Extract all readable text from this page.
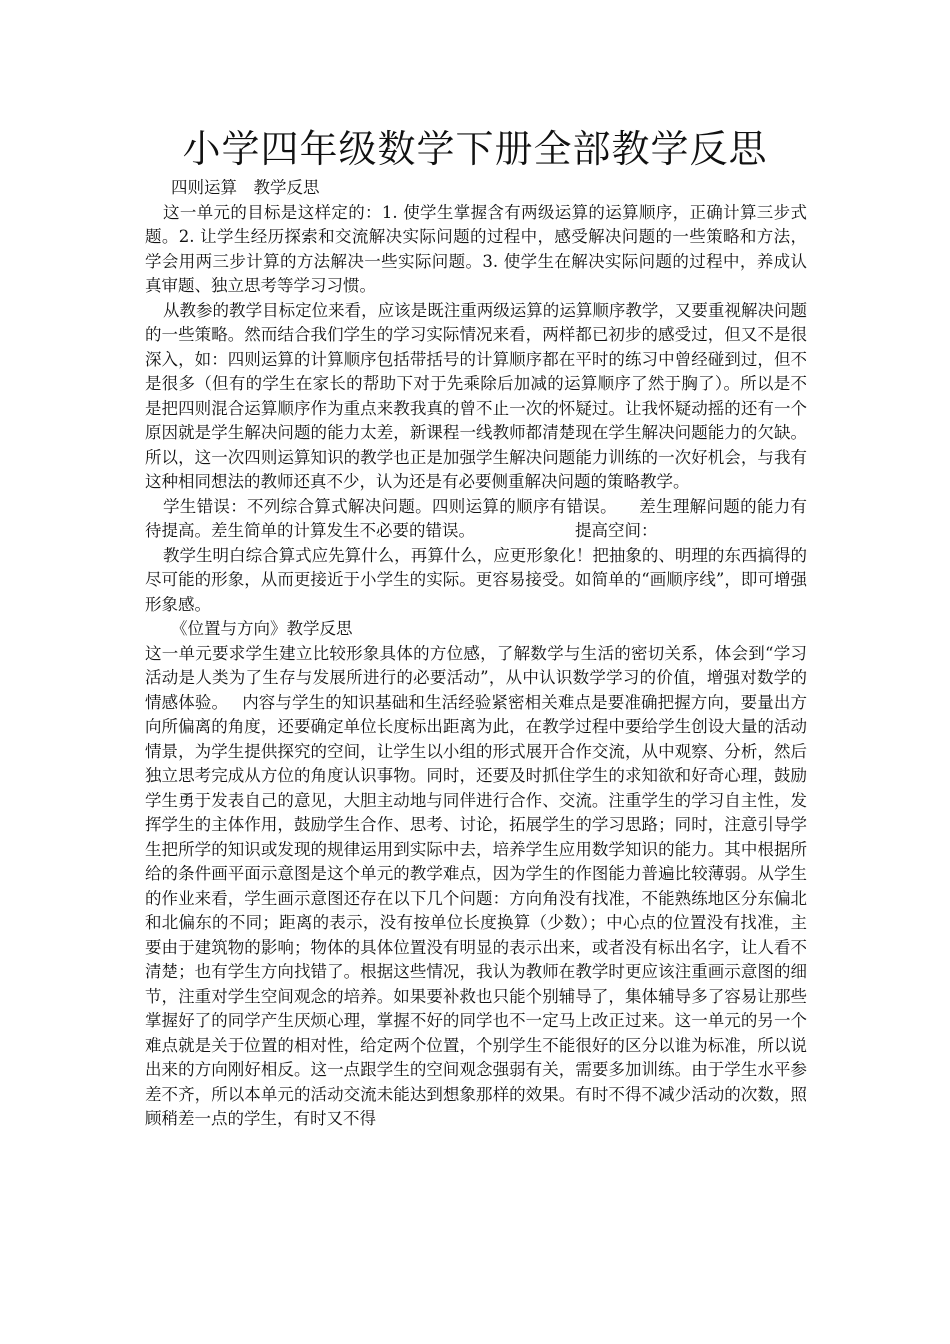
小学四年级数学下册全部教学反思

四则运算　教学反思

这一单元的目标是这样定的：1. 使学生掌握含有两级运算的运算顺序，正确计算三步式题。2. 让学生经历探索和交流解决实际问题的过程中，感受解决问题的一些策略和方法，学会用两三步计算的方法解决一些实际问题。3. 使学生在解决实际问题的过程中，养成认真审题、独立思考等学习习惯。

从教参的教学目标定位来看，应该是既注重两级运算的运算顺序教学，又要重视解决问题的一些策略。然而结合我们学生的学习实际情况来看，两样都已初步的感受过，但又不是很深入，如：四则运算的计算顺序包括带括号的计算顺序都在平时的练习中曾经碰到过，但不是很多（但有的学生在家长的帮助下对于先乘除后加减的运算顺序了然于胸了）。所以是不是把四则混合运算顺序作为重点来教我真的曾不止一次的怀疑过。让我怀疑动摇的还有一个原因就是学生解决问题的能力太差，新课程一线教师都清楚现在学生解决问题能力的欠缺。所以，这一次四则运算知识的教学也正是加强学生解决问题能力训练的一次好机会，与我有这种相同想法的教师还真不少，认为还是有必要侧重解决问题的策略教学。

学生错误：不列综合算式解决问题。四则运算的顺序有错误。 差生理解问题的能力有待提高。差生简单的计算发生不必要的错误。	提高空间：

教学生明白综合算式应先算什么，再算什么，应更形象化！把抽象的、明理的东西搞得的尽可能的形象，从而更接近于小学生的实际。更容易接受。如简单的“画顺序线”，即可增强形象感。

《位置与方向》教学反思

这一单元要求学生建立比较形象具体的方位感，了解数学与生活的密切关系，体会到“学习活动是人类为了生存与发展所进行的必要活动”，从中认识数学学习的价值，增强对数学的情感体验。 内容与学生的知识基础和生活经验紧密相关难点是要准确把握方向，要量出方向所偏离的角度，还要确定单位长度标出距离为此，在教学过程中要给学生创设大量的活动情景，为学生提供探究的空间，让学生以小组的形式展开合作交流，从中观察、分析，然后独立思考完成从方位的角度认识事物。同时，还要及时抓住学生的求知欲和好奇心理，鼓励学生勇于发表自己的意见，大胆主动地与同伴进行合作、交流。注重学生的学习自主性，发挥学生的主体作用，鼓励学生合作、思考、讨论，拓展学生的学习思路；同时，注意引导学生把所学的知识或发现的规律运用到实际中去，培养学生应用数学知识的能力。其中根据所给的条件画平面示意图是这个单元的教学难点，因为学生的作图能力普遍比较薄弱。从学生的作业来看，学生画示意图还存在以下几个问题：方向角没有找准，不能熟练地区分东偏北和北偏东的不同；距离的表示，没有按单位长度换算（少数）；中心点的位置没有找准，主要由于建筑物的影响；物体的具体位置没有明显的表示出来，或者没有标出名字，让人看不清楚；也有学生方向找错了。根据这些情况，我认为教师在教学时更应该注重画示意图的细节，注重对学生空间观念的培养。如果要补救也只能个别辅导了，集体辅导多了容易让那些掌握好了的同学产生厌烦心理，掌握不好的同学也不一定马上改正过来。这一单元的另一个难点就是关于位置的相对性，给定两个位置，个别学生不能很好的区分以谁为标准，所以说出来的方向刚好相反。这一点跟学生的空间观念强弱有关，需要多加训练。由于学生水平参差不齐，所以本单元的活动交流未能达到想象那样的效果。有时不得不减少活动的次数，照顾稍差一点的学生，有时又不得
